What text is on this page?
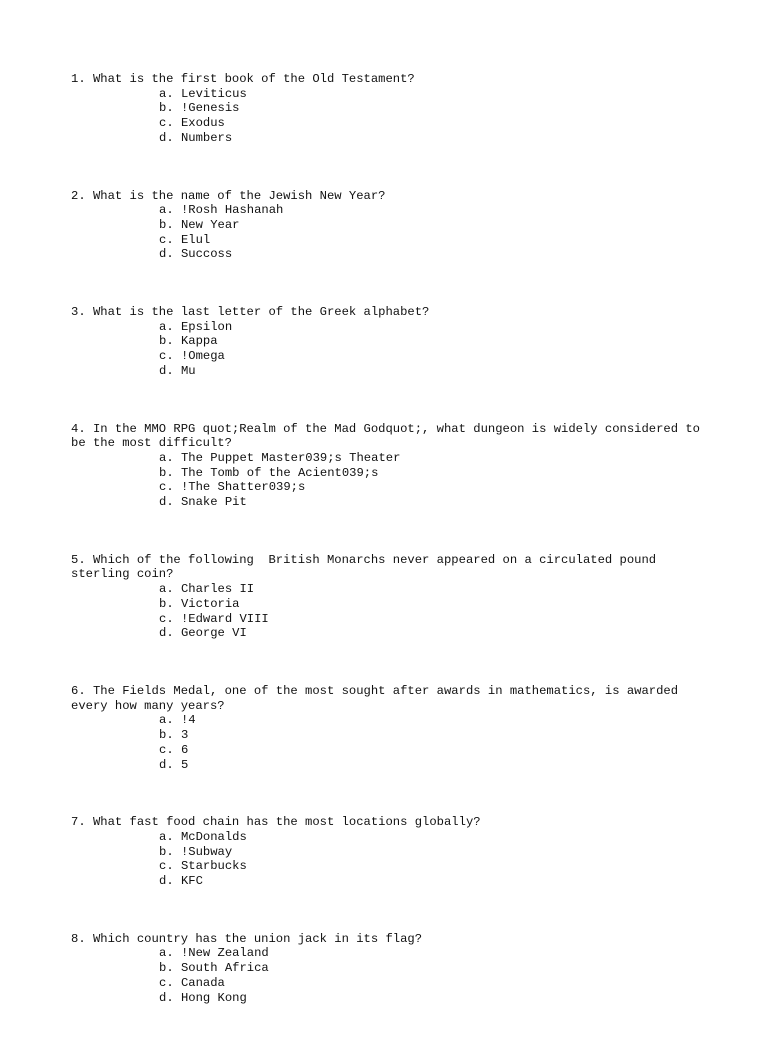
1. What is the first book of the Old Testament?

a. Leviticus
b. !Genesis
c. Exodus
d. Numbers

2. What is the name of the Jewish New Year?

a. !Rosh Hashanah
b. New Year
c. Elul
d. Succoss

3. What is the last letter of the Greek alphabet?

a. Epsilon
b. Kappa
c. !Omega
d. Mu

4. In the MMO RPG quot;Realm of the Mad Godquot;, what dungeon is widely considered to be the most difficult?

a. The Puppet Master039;s Theater
b. The Tomb of the Acient039;s
c. !The Shatter039;s
d. Snake Pit

5. Which of the following  British Monarchs never appeared on a circulated pound sterling coin?

a. Charles II
b. Victoria
c. !Edward VIII
d. George VI

6. The Fields Medal, one of the most sought after awards in mathematics, is awarded every how many years?

a. !4
b. 3
c. 6
d. 5

7. What fast food chain has the most locations globally?

a. McDonalds
b. !Subway
c. Starbucks
d. KFC

8. Which country has the union jack in its flag?

a. !New Zealand
b. South Africa
c. Canada
d. Hong Kong
